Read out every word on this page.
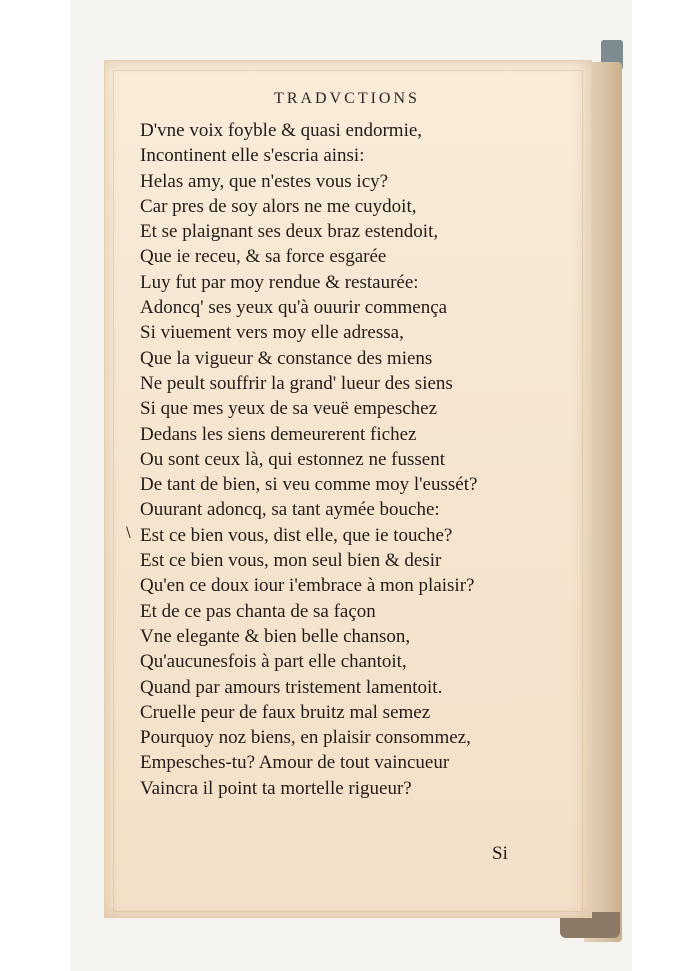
TRADVCTIONS
\
D'vne voix foyble & quasi endormie,
Incontinent elle s'escria ainsi:
Helas amy, que n'estes vous icy?
Car pres de soy alors ne me cuydoit,
Et se plaignant ses deux braz estendoit,
Que ie receu, & sa force esgarée
Luy fut par moy rendue & restaurée:
Adoncq' ses yeux qu'à ouurir commença
Si viuement vers moy elle adressa,
Que la vigueur & constance des miens
Ne peult souffrir la grand' lueur des siens
Si que mes yeux de sa veuë empeschez
Dedans les siens demeurerent fichez
Ou sont ceux là, qui estonnez ne fussent
De tant de bien, si veu comme moy l'eussét?
Ouurant adoncq, sa tant aymée bouche:
Est ce bien vous, dist elle, que ie touche?
Est ce bien vous, mon seul bien & desir
Qu'en ce doux iour i'embrace à mon plaisir?
Et de ce pas chanta de sa façon
Vne elegante & bien belle chanson,
Qu'aucunesfois à part elle chantoit,
Quand par amours tristement lamentoit.
Cruelle peur de faux bruitz mal semez
Pourquoy noz biens, en plaisir consommez,
Empesches-tu? Amour de tout vaincueur
Vaincra il point ta mortelle rigueur?
Si
